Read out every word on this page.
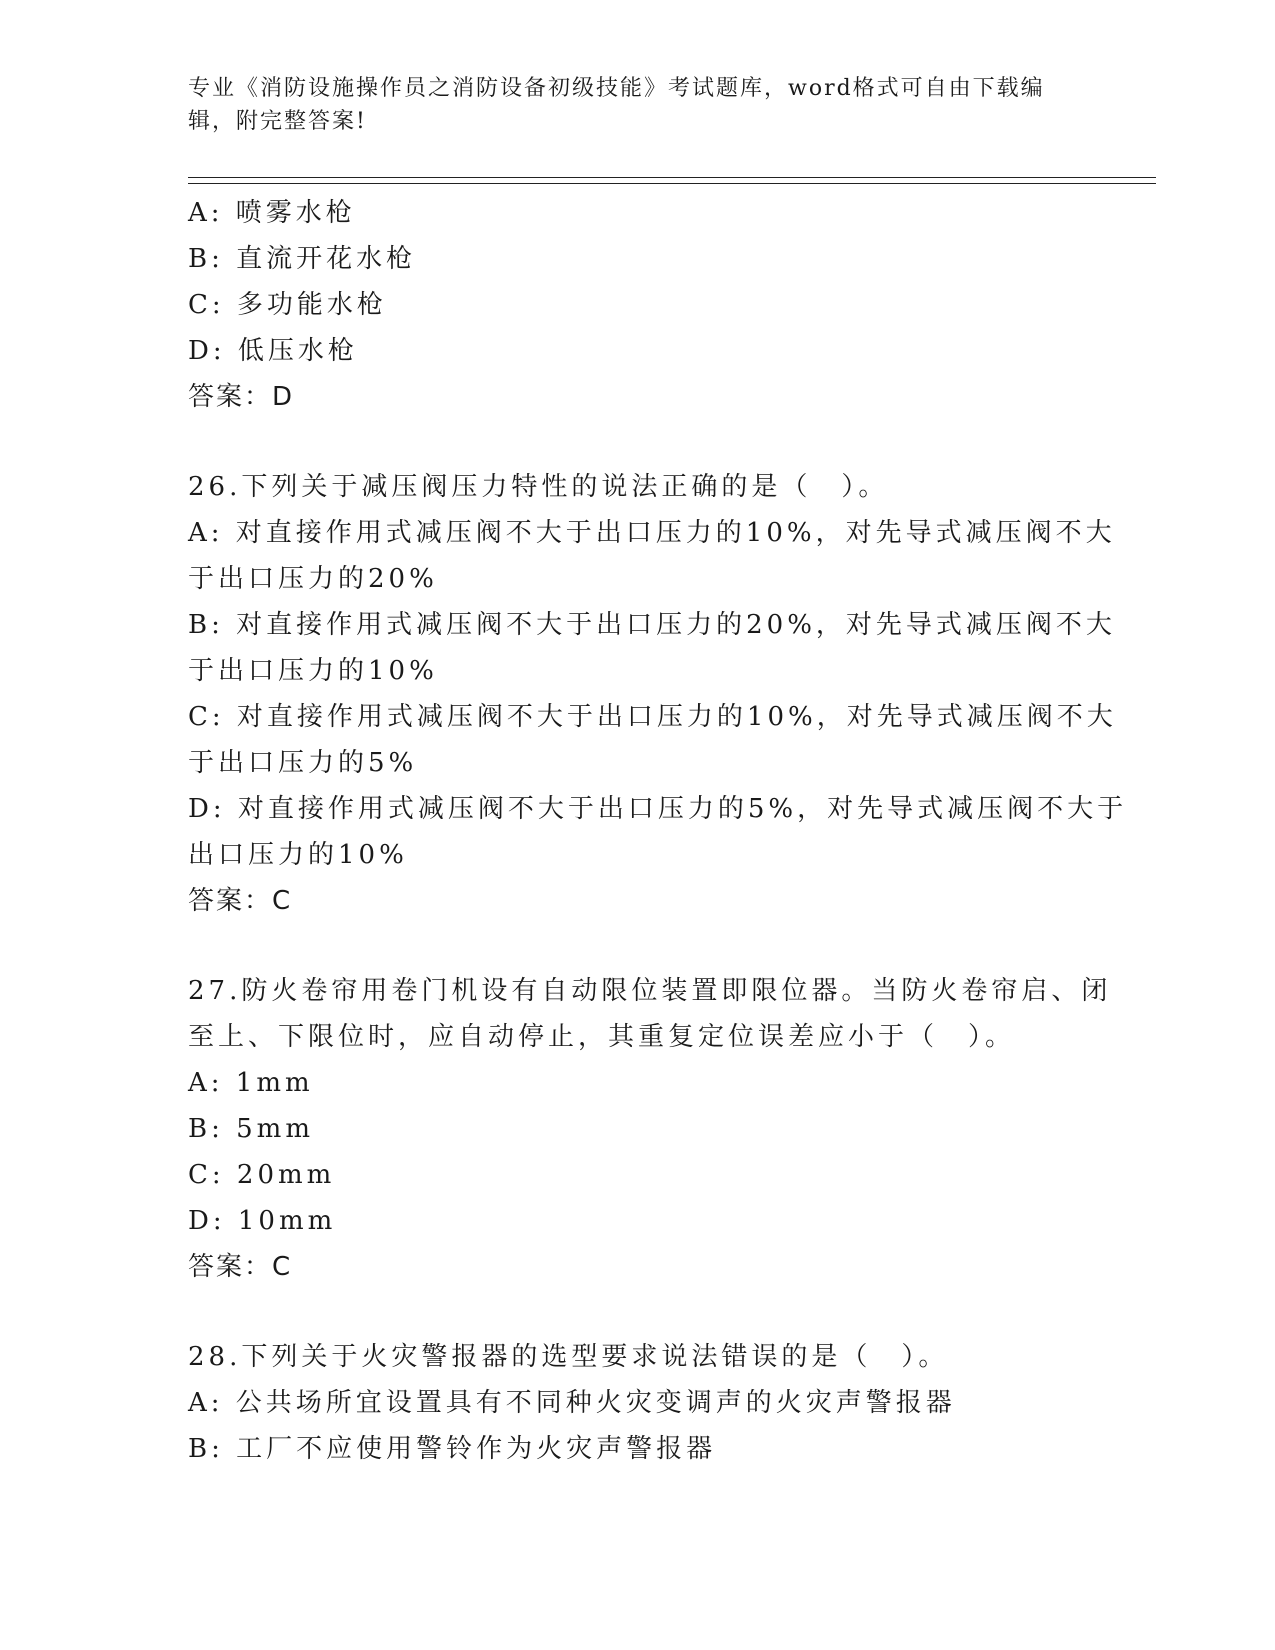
专业《消防设施操作员之消防设备初级技能》考试题库，word格式可自由下载编
辑，附完整答案!
A: 喷雾水枪
B: 直流开花水枪
C: 多功能水枪
D: 低压水枪
答案：D
26.下列关于减压阀压力特性的说法正确的是（　）。
A: 对直接作用式减压阀不大于出口压力的10%，对先导式减压阀不大
于出口压力的20%
B: 对直接作用式减压阀不大于出口压力的20%，对先导式减压阀不大
于出口压力的10%
C: 对直接作用式减压阀不大于出口压力的10%，对先导式减压阀不大
于出口压力的5%
D: 对直接作用式减压阀不大于出口压力的5%，对先导式减压阀不大于
出口压力的10%
答案：C
27.防火卷帘用卷门机设有自动限位装置即限位器。当防火卷帘启、闭
至上、下限位时，应自动停止，其重复定位误差应小于（　）。
A: 1mm
B: 5mm
C: 20mm
D: 10mm
答案：C
28.下列关于火灾警报器的选型要求说法错误的是（　）。
A: 公共场所宜设置具有不同种火灾变调声的火灾声警报器
B: 工厂不应使用警铃作为火灾声警报器
